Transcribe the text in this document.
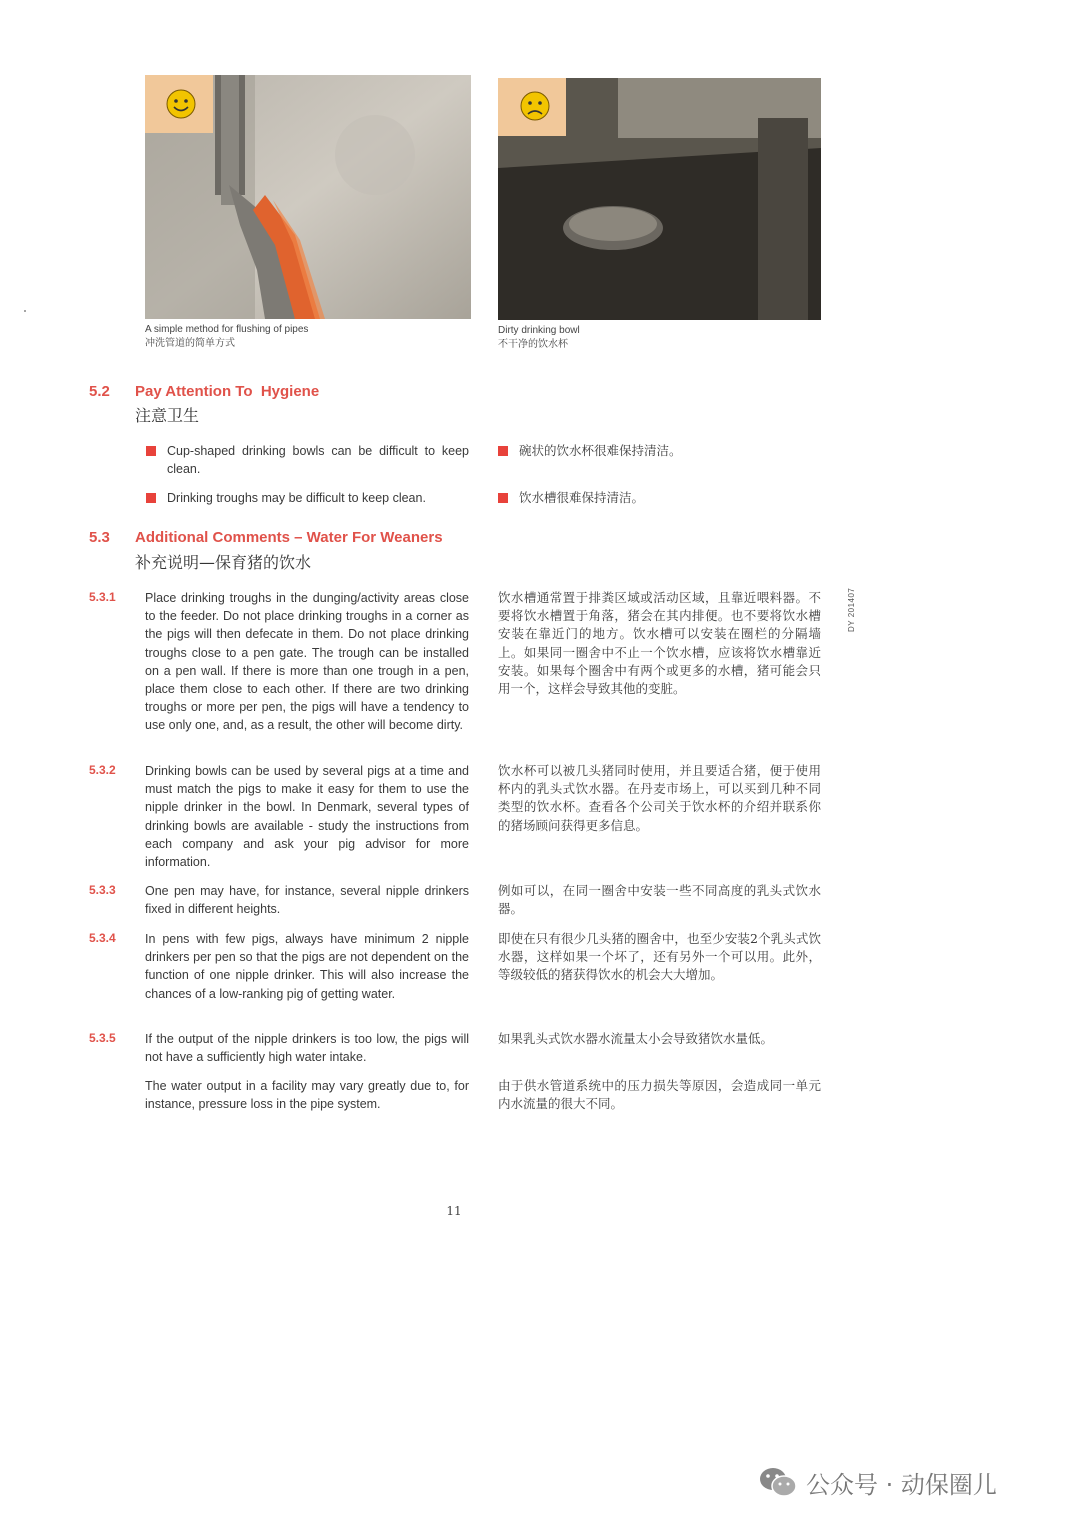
A simple method for flushing of pipes
冲洗管道的简单方式
Dirty drinking bowl
不干净的饮水杯
5.2 Pay Attention To  Hygiene
注意卫生
Cup-shaped drinking bowls can be difficult to keep clean.
碗状的饮水杯很难保持清洁。
Drinking troughs may be difficult to keep clean.	饮水槽很难保持清洁。
5.3 Additional Comments – Water For Weaners
补充说明—保育猪的饮水
5.3.1 Place drinking troughs in the dunging/activity areas close to the feeder. Do not place drinking troughs in a corner as the pigs will then defecate in them. Do not place drinking troughs close to a pen gate. The trough can be installed on a pen wall. If there is more than one trough in a pen, place them close to each other. If there are two drinking troughs or more per pen, the pigs will have a tendency to use only one, and, as a result, the other will become dirty.
饮水槽通常置于排粪区域或活动区域，且靠近喂料器。不要将饮水槽置于角落，猪会在其内排便。也不要将饮水槽安装在靠近门的地方。饮水槽可以安装在圈栏的分隔墙上。如果同一圈舍中不止一个饮水槽，应该将饮水槽靠近安装。如果每个圈舍中有两个或更多的水槽，猪可能会只用一个，这样会导致其他的变脏。
5.3.2 Drinking bowls can be used by several pigs at a time and must match the pigs to make it easy for them to use the nipple drinker in the bowl. In Denmark, several types of drinking bowls are available - study the instructions from each company and ask your pig advisor for more information.
饮水杯可以被几头猪同时使用，并且要适合猪，便于使用杯内的乳头式饮水器。在丹麦市场上，可以买到几种不同类型的饮水杯。查看各个公司关于饮水杯的介绍并联系你的猪场顾问获得更多信息。
5.3.3 One pen may have, for instance, several nipple drinkers fixed in different heights.
例如可以，在同一圈舍中安装一些不同高度的乳头式饮水器。
5.3.4 In pens with few pigs, always have minimum 2 nipple drinkers per pen so that the pigs are not dependent on the function of one nipple drinker. This will also increase the chances of a low-ranking pig of getting water.
即使在只有很少几头猪的圈舍中，也至少安装2个乳头式饮水器，这样如果一个坏了，还有另外一个可以用。此外，等级较低的猪获得饮水的机会大大增加。
5.3.5 If the output of the nipple drinkers is too low, the pigs will not have a sufficiently high water intake.
如果乳头式饮水器水流量太小会导致猪饮水量低。
The water output in a facility may vary greatly due to, for instance, pressure loss in the pipe system.
由于供水管道系统中的压力损失等原因，会造成同一单元内水流量的很大不同。
DY 201407
11
公众号 · 动保圈儿
